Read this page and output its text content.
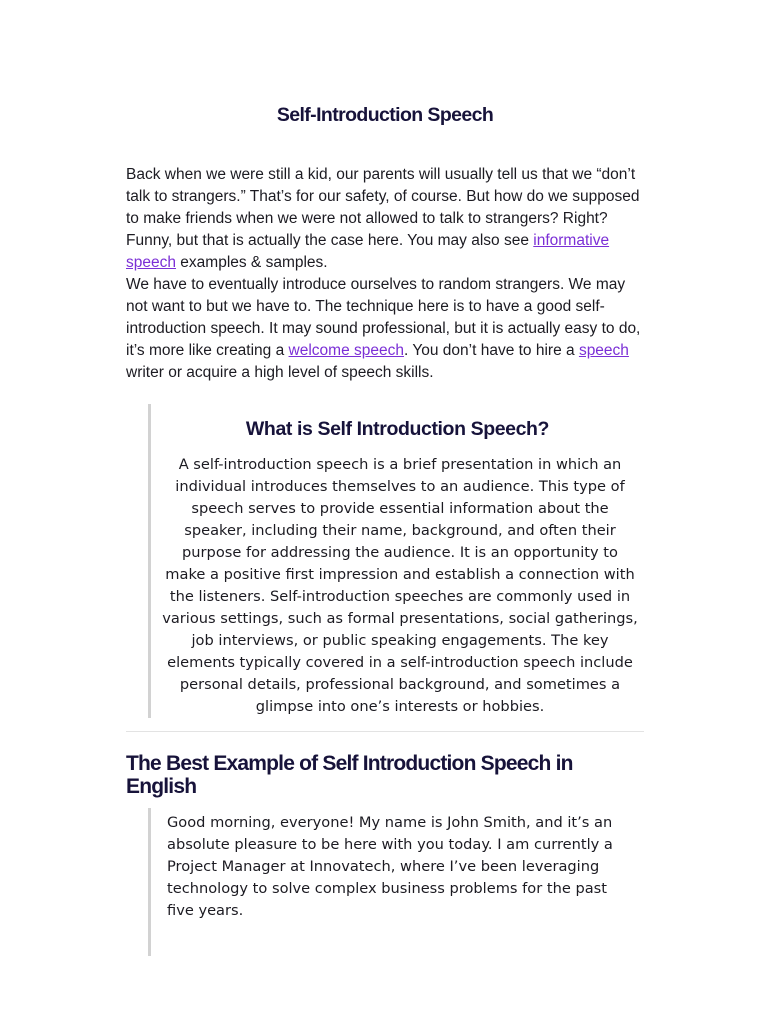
Self-Introduction Speech

Back when we were still a kid, our parents will usually tell us that we “don’t talk to strangers.” That’s for our safety, of course. But how do we supposed to make friends when we were not allowed to talk to strangers? Right? Funny, but that is actually the case here. You may also see informative speech examples & samples.

We have to eventually introduce ourselves to random strangers. We may not want to but we have to. The technique here is to have a good self-introduction speech. It may sound professional, but it is actually easy to do, it’s more like creating a welcome speech. You don’t have to hire a speech writer or acquire a high level of speech skills.

What is Self Introduction Speech?
A self-introduction speech is a brief presentation in which an individual introduces themselves to an audience. This type of speech serves to provide essential information about the speaker, including their name, background, and often their purpose for addressing the audience. It is an opportunity to make a positive first impression and establish a connection with the listeners. Self-introduction speeches are commonly used in various settings, such as formal presentations, social gatherings, job interviews, or public speaking engagements. The key elements typically covered in a self-introduction speech include personal details, professional background, and sometimes a glimpse into one’s interests or hobbies.
The Best Example of Self Introduction Speech in English
Good morning, everyone! My name is John Smith, and it’s an absolute pleasure to be here with you today. I am currently a Project Manager at Innovatech, where I’ve been leveraging technology to solve complex business problems for the past five years.
